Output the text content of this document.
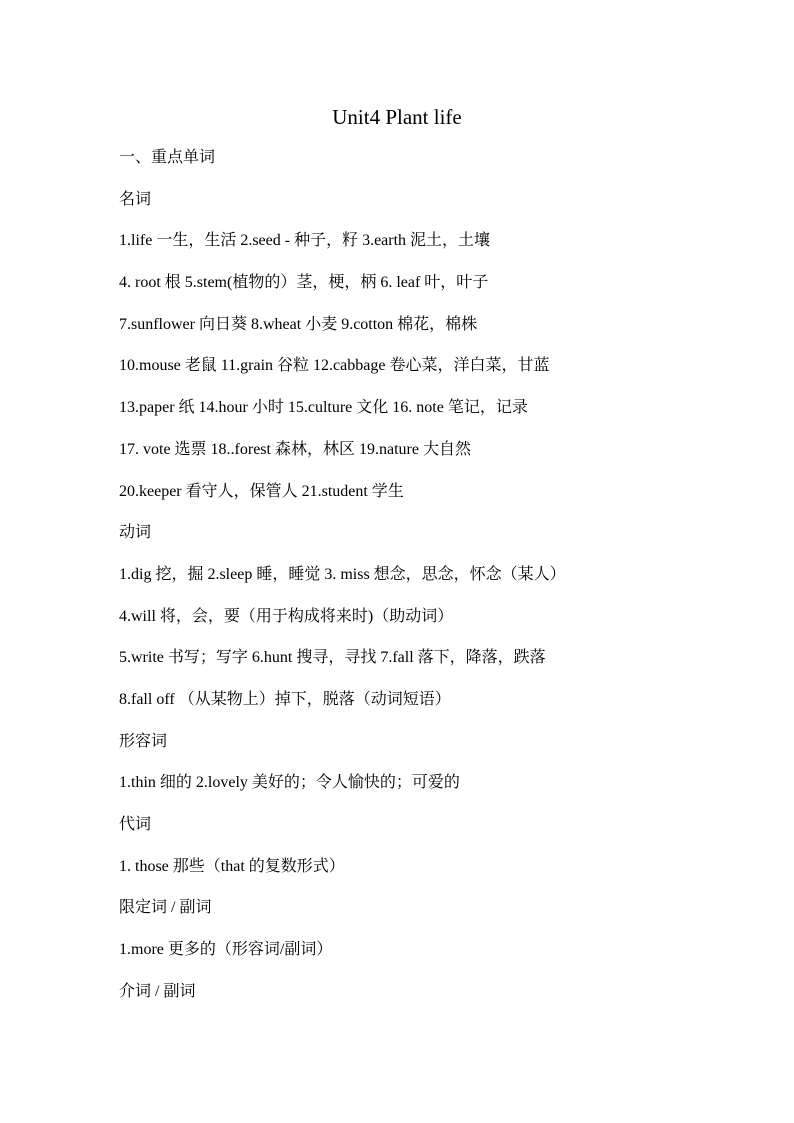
Unit4 Plant life
一、重点单词
名词
1.life 一生，生活 2.seed - 种子，籽 3.earth 泥土，土壤
4. root 根 5.stem(植物的）茎，梗，柄 6. leaf 叶，叶子
7.sunflower 向日葵 8.wheat 小麦 9.cotton 棉花，棉株
10.mouse 老鼠 11.grain 谷粒 12.cabbage 卷心菜，洋白菜，甘蓝
13.paper 纸 14.hour 小时 15.culture 文化 16. note 笔记，记录
17. vote 选票 18..forest 森林，林区 19.nature 大自然
20.keeper 看守人，保管人 21.student 学生
动词
1.dig 挖，掘 2.sleep 睡，睡觉 3. miss 想念，思念，怀念（某人）
4.will 将，会，要（用于构成将来时)（助动词）
5.write 书写；写字 6.hunt 搜寻，寻找 7.fall 落下，降落，跌落
8.fall off （从某物上）掉下，脱落（动词短语）
形容词
1.thin 细的 2.lovely 美好的；令人愉快的；可爱的
代词
1. those 那些（that 的复数形式）
限定词 / 副词
1.more 更多的（形容词/副词）
介词 / 副词
